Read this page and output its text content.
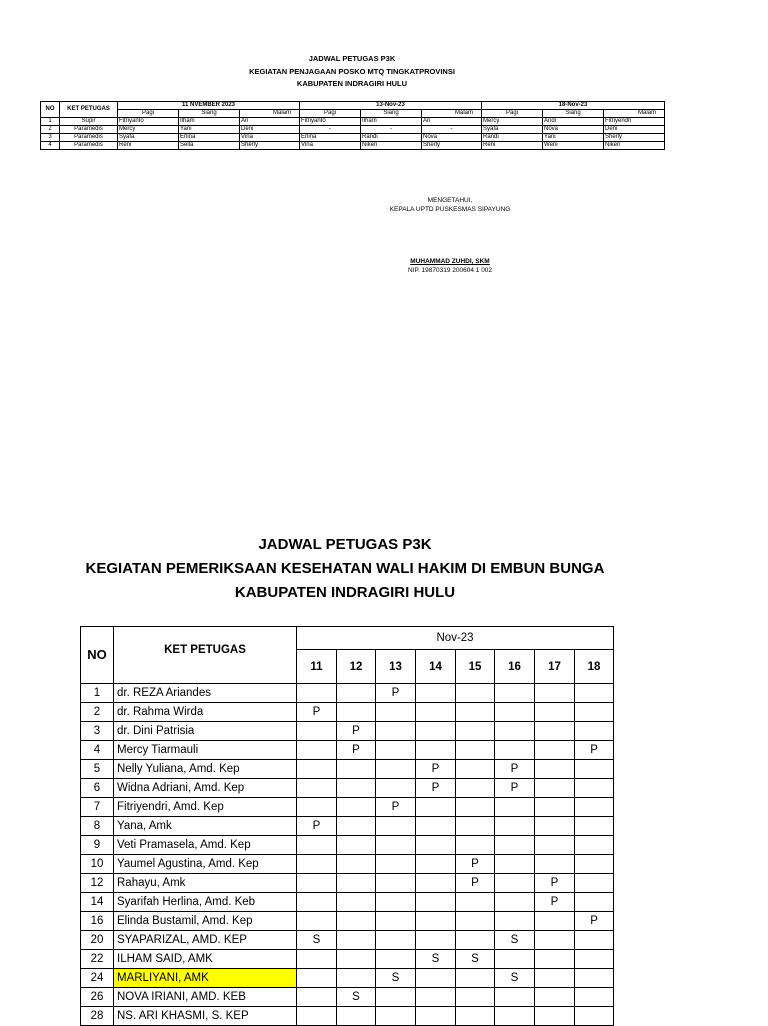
JADWAL PETUGAS P3K
KEGIATAN PENJAGAAN POSKO MTQ TINGKATPROVINSI
KABUPATEN INDRAGIRI HULU
NO	KET PETUGAS	11 NVEMBER 2023			13-Nov-23			18-Nov-23		
		Pagi	Siang	Malam	Pagi	Siang	Malam	Pagi	Siang	Malam
1	Supir	Fitriyanto	Ilham	Ari	Fitriyanto	Ilham	Ari	Mercy	Andi	Fitriyendri
2	Paramedis	Mercy	Yani	Deni	-	-	-	Syafa	Nova	Deni
3	Paramedis	Syafa	Erlina	Vina	Erlina	Randi	Nova	Randi	Yani	Sherly
4	Paramedis	Reni	Sella	Sherly	Vina	Niken	Sherly	Reni	Weni	Niken
MENGETAHUI,
KEPALA UPTD PUSKESMAS SIPAYUNG
MUHAMMAD ZUHDI, SKM
NIP. 19870319 200604 1 002
JADWAL PETUGAS P3K
KEGIATAN PEMERIKSAAN KESEHATAN WALI HAKIM DI EMBUN BUNGA
KABUPATEN INDRAGIRI HULU
NO	KET PETUGAS	Nov-23							
		11	12	13	14	15	16	17	18
1	dr. REZA Ariandes			P					
2	dr. Rahma Wirda	P							
3	dr. Dini Patrisia		P						
4	Mercy Tiarmauli		P						P
5	Nelly Yuliana, Amd. Kep				P		P		
6	Widna Adriani, Amd. Kep				P		P		
7	Fitriyendri, Amd. Kep			P					
8	Yana, Amk	P							
9	Veti Pramasela, Amd. Kep								
10	Yaumel Agustina, Amd. Kep					P			
12	Rahayu, Amk					P		P	
14	Syarifah Herlina, Amd. Keb							P	
16	Elinda Bustamil, Amd. Kep								P
20	SYAPARIZAL, AMD. KEP	S					S		
22	ILHAM SAID, AMK				S	S			
24	MARLIYANI, AMK			S			S		
26	NOVA IRIANI, AMD. KEB		S						
28	NS. ARI KHASMI, S. KEP								
